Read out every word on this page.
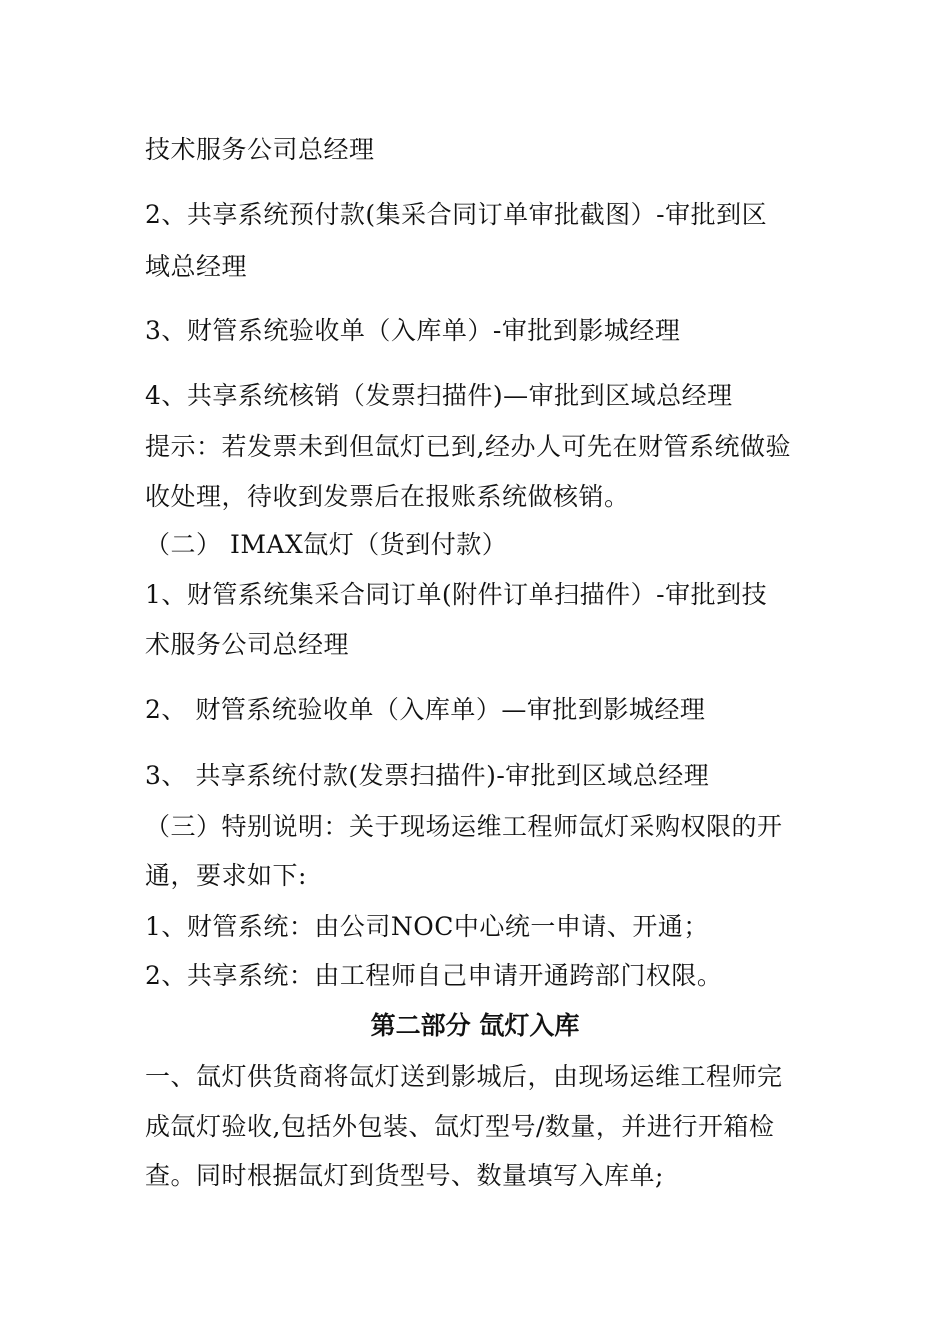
技术服务公司总经理
2、共享系统预付款(集采合同订单审批截图）-审批到区
域总经理
3、财管系统验收单（入库单）-审批到影城经理
4、共享系统核销（发票扫描件)—审批到区域总经理
提示：若发票未到但氙灯已到,经办人可先在财管系统做验
收处理，待收到发票后在报账系统做核销。
（二） IMAX氙灯（货到付款）
1、财管系统集采合同订单(附件订单扫描件）-审批到技
术服务公司总经理
2、 财管系统验收单（入库单）—审批到影城经理
3、 共享系统付款(发票扫描件)-审批到区域总经理
（三）特别说明：关于现场运维工程师氙灯采购权限的开
通，要求如下:
1、财管系统：由公司NOC中心统一申请、开通；
2、共享系统：由工程师自己申请开通跨部门权限。
第二部分 氙灯入库
一、氙灯供货商将氙灯送到影城后，由现场运维工程师完
成氙灯验收,包括外包装、氙灯型号/数量，并进行开箱检
查。同时根据氙灯到货型号、数量填写入库单;
